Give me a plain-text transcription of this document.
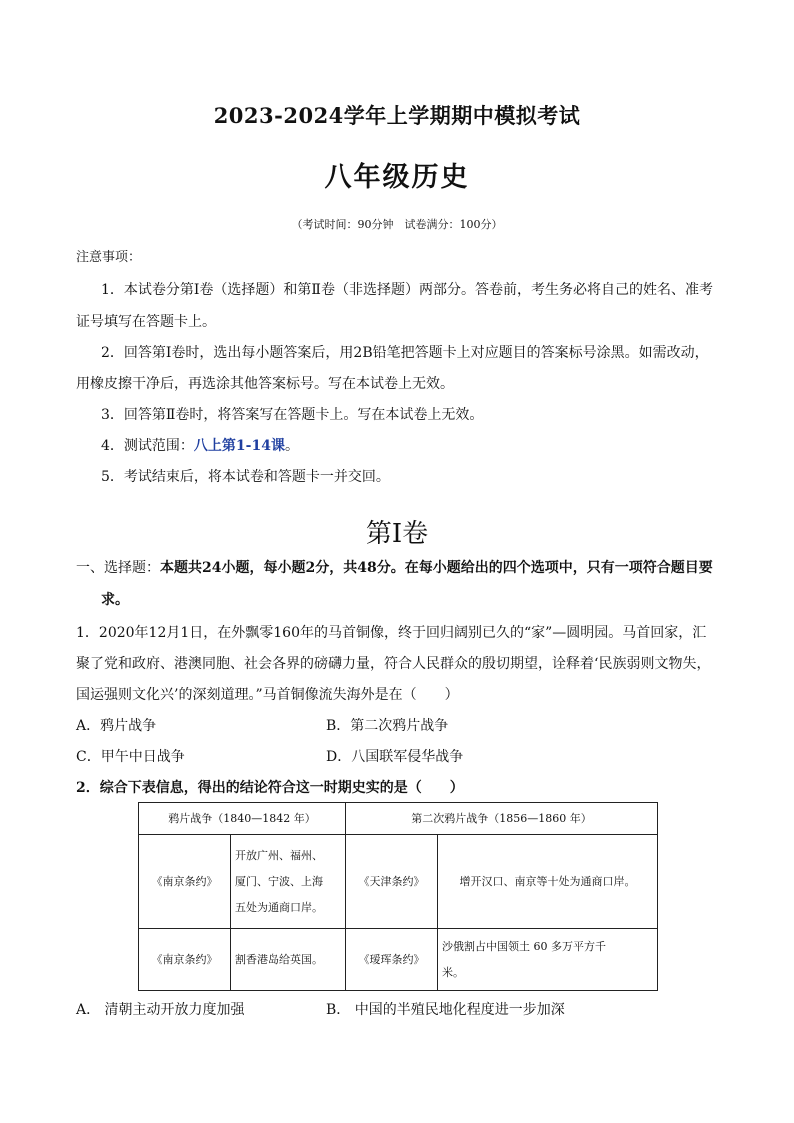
2023-2024学年上学期期中模拟考试
八年级历史
（考试时间：90分钟　试卷满分：100分）
注意事项：
1．本试卷分第Ⅰ卷（选择题）和第Ⅱ卷（非选择题）两部分。答卷前，考生务必将自己的姓名、准考
证号填写在答题卡上。
2．回答第Ⅰ卷时，选出每小题答案后，用2B铅笔把答题卡上对应题目的答案标号涂黑。如需改动，
用橡皮擦干净后，再选涂其他答案标号。写在本试卷上无效。
3．回答第Ⅱ卷时，将答案写在答题卡上。写在本试卷上无效。
4．测试范围：八上第1-14课。
5．考试结束后，将本试卷和答题卡一并交回。
第Ⅰ卷
一、选择题：本题共24小题，每小题2分，共48分。在每小题给出的四个选项中，只有一项符合题目要
求。
1．2020年12月1日，在外飘零160年的马首铜像，终于回归阔别已久的“家”—圆明园。马首回家，汇
聚了党和政府、港澳同胞、社会各界的磅礴力量，符合人民群众的殷切期望，诠释着‘民族弱则文物失，
国运强则文化兴’的深刻道理。”马首铜像流失海外是在（　　）
A．鸦片战争	B．第二次鸦片战争
C．甲午中日战争	D．八国联军侵华战争
2．综合下表信息，得出的结论符合这一时期史实的是（　　）
鸦片战争（1840—1842 年）		第二次鸦片战争（1856—1860 年）	
《南京条约》	开放广州、福州、
厦门、宁波、上海
五处为通商口岸。	《天津条约》	增开汉口、南京等十处为通商口岸。
《南京条约》	割香港岛给英国。	《瑷珲条约》	沙俄割占中国领土 60 多万平方千
米。
A． 清朝主动开放力度加强	B． 中国的半殖民地化程度进一步加深
